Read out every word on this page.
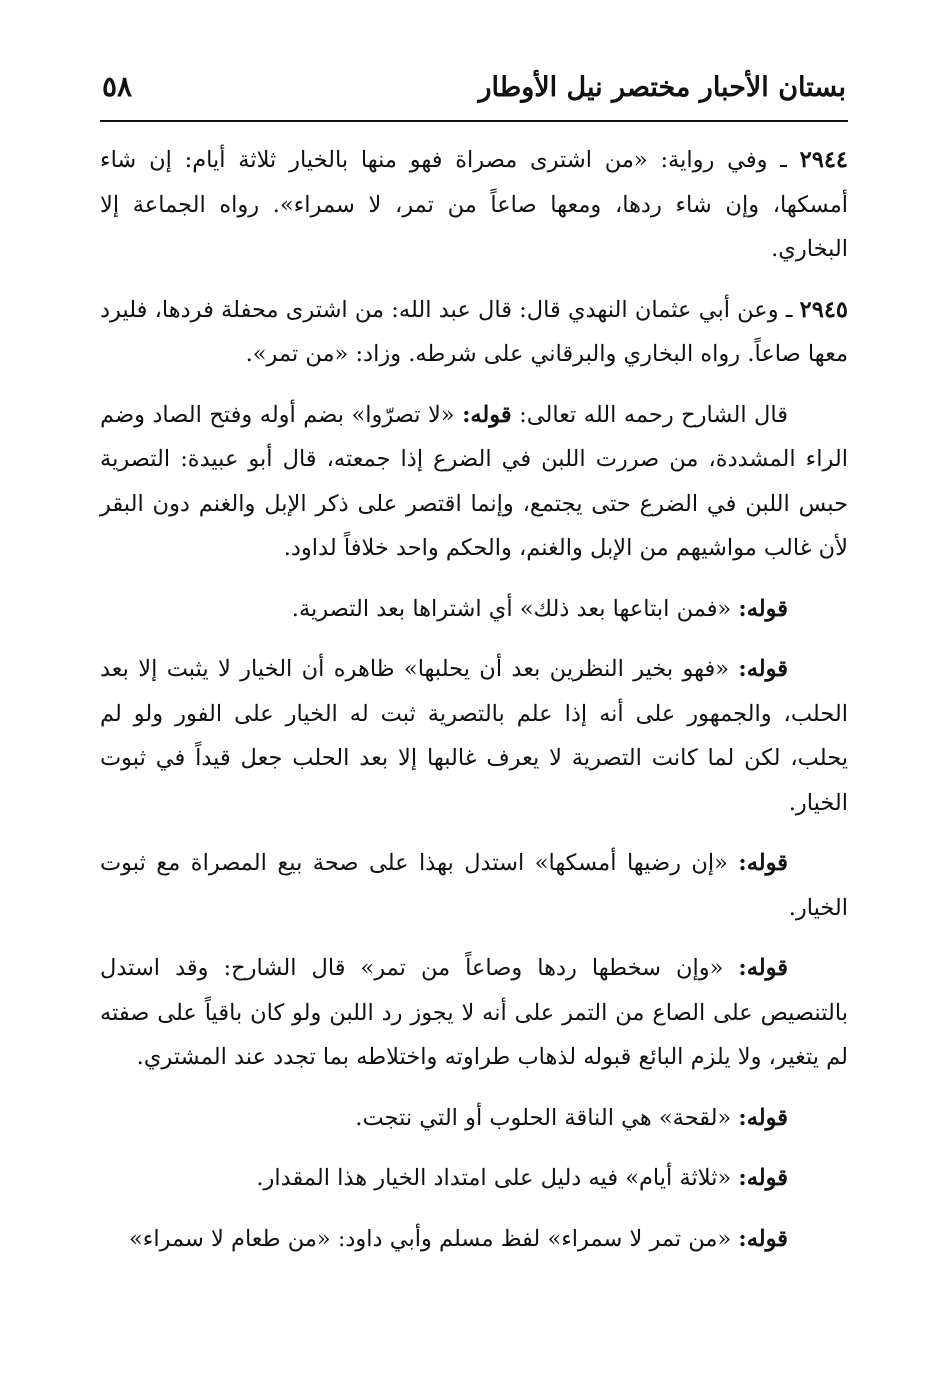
بستان الأحبار مختصر نيل الأوطار
٥٨

٢٩٤٤ ـ وفي رواية: «من اشترى مصراة فهو منها بالخيار ثلاثة أيام: إن شاء أمسكها، وإن شاء ردها، ومعها صاعاً من تمر، لا سمراء». رواه الجماعة إلا البخاري.

٢٩٤٥ ـ وعن أبي عثمان النهدي قال: قال عبد الله: من اشترى محفلة فردها، فليرد معها صاعاً. رواه البخاري والبرقاني على شرطه. وزاد: «من تمر».

قال الشارح رحمه الله تعالى: قوله: «لا تصرّوا» بضم أوله وفتح الصاد وضم الراء المشددة، من صررت اللبن في الضرع إذا جمعته، قال أبو عبيدة: التصرية حبس اللبن في الضرع حتى يجتمع، وإنما اقتصر على ذكر الإبل والغنم دون البقر لأن غالب مواشيهم من الإبل والغنم، والحكم واحد خلافاً لداود.

قوله: «فمن ابتاعها بعد ذلك» أي اشتراها بعد التصرية.

قوله: «فهو بخير النظرين بعد أن يحلبها» ظاهره أن الخيار لا يثبت إلا بعد الحلب، والجمهور على أنه إذا علم بالتصرية ثبت له الخيار على الفور ولو لم يحلب، لكن لما كانت التصرية لا يعرف غالبها إلا بعد الحلب جعل قيداً في ثبوت الخيار.

قوله: «إن رضيها أمسكها» استدل بهذا على صحة بيع المصراة مع ثبوت الخيار.

قوله: «وإن سخطها ردها وصاعاً من تمر» قال الشارح: وقد استدل بالتنصيص على الصاع من التمر على أنه لا يجوز رد اللبن ولو كان باقياً على صفته لم يتغير، ولا يلزم البائع قبوله لذهاب طراوته واختلاطه بما تجدد عند المشتري.

قوله: «لقحة» هي الناقة الحلوب أو التي نتجت.

قوله: «ثلاثة أيام» فيه دليل على امتداد الخيار هذا المقدار.

قوله: «من تمر لا سمراء» لفظ مسلم وأبي داود: «من طعام لا سمراء»
